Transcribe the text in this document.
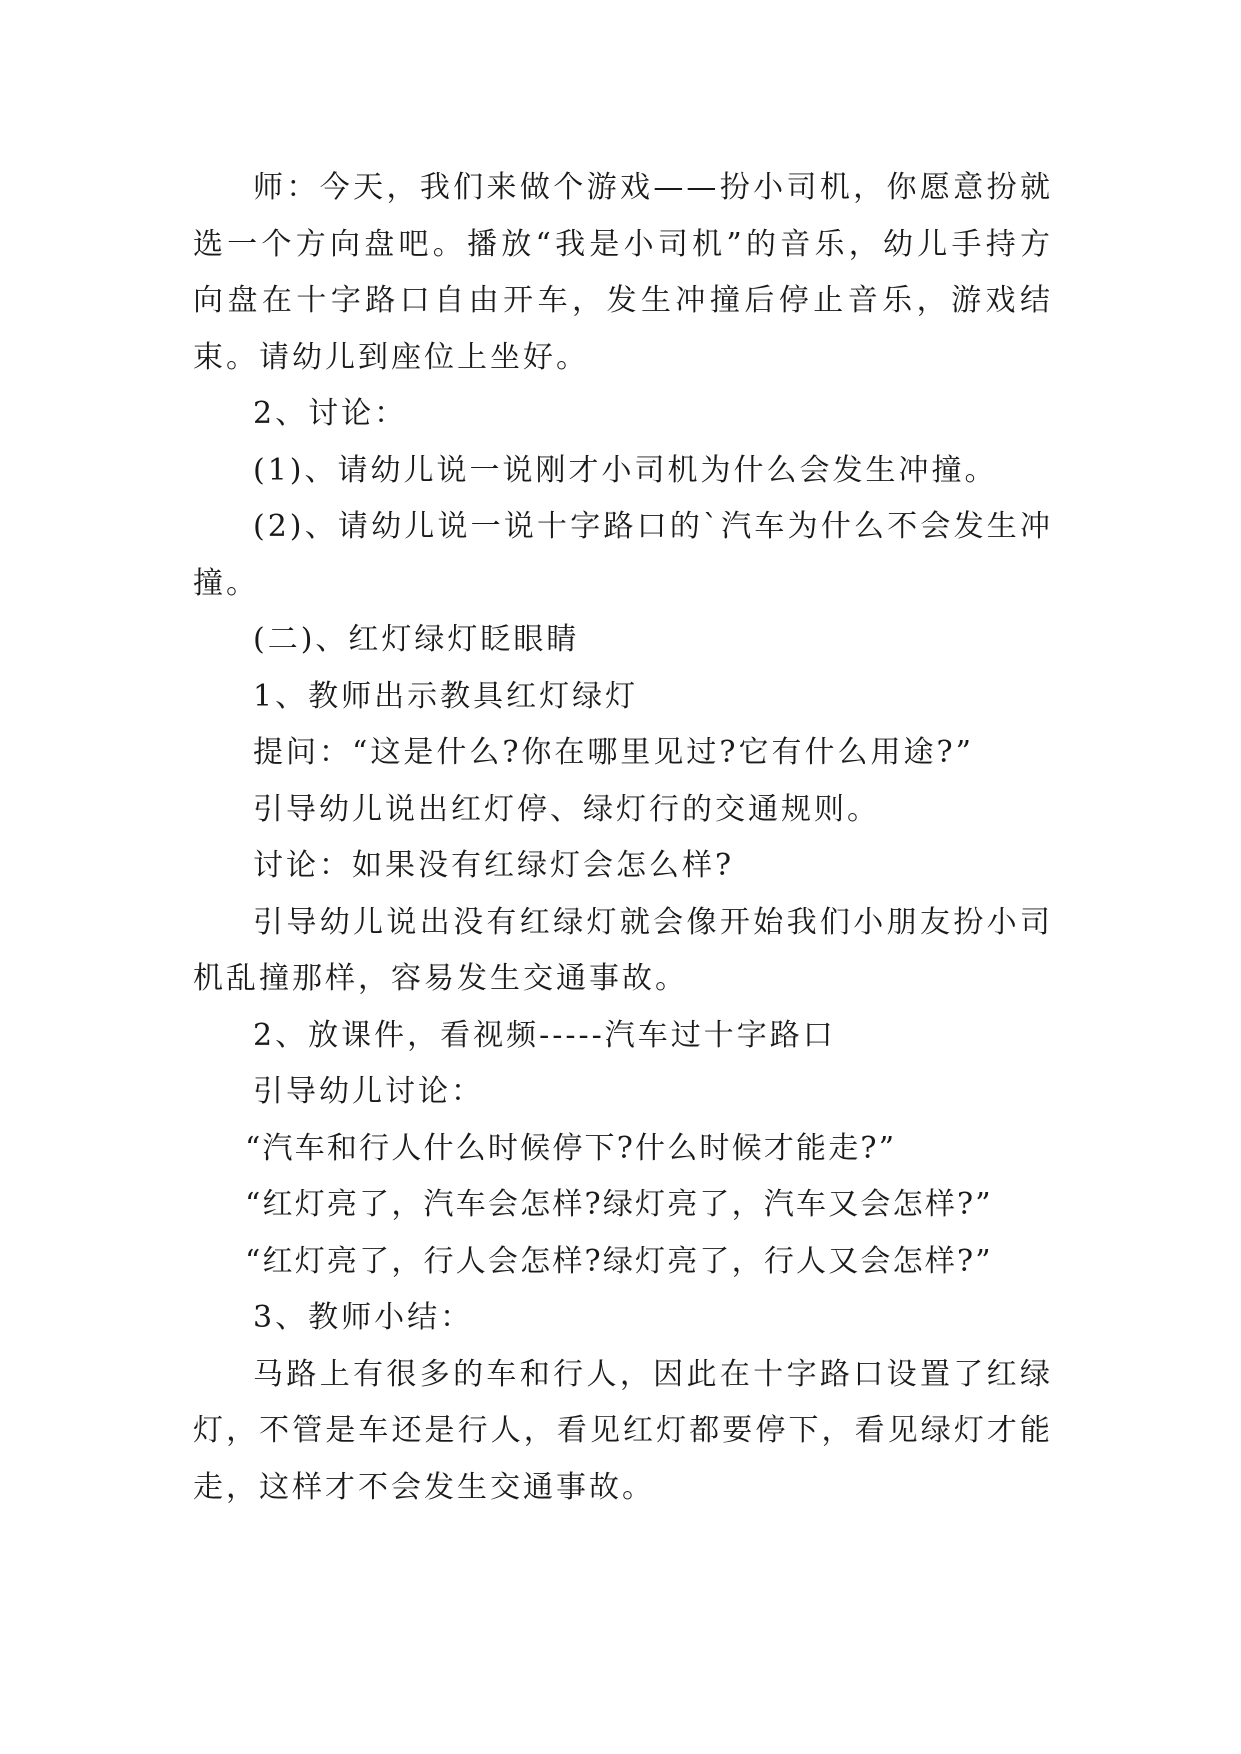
师：今天，我们来做个游戏——扮小司机，你愿意扮就选一个方向盘吧。播放“我是小司机”的音乐，幼儿手持方向盘在十字路口自由开车，发生冲撞后停止音乐，游戏结束。请幼儿到座位上坐好。

2、讨论：

(1)、请幼儿说一说刚才小司机为什么会发生冲撞。

(2)、请幼儿说一说十字路口的`汽车为什么不会发生冲撞。

(二)、红灯绿灯眨眼睛

1、教师出示教具红灯绿灯

提问：“这是什么?你在哪里见过?它有什么用途?”

引导幼儿说出红灯停、绿灯行的交通规则。

讨论：如果没有红绿灯会怎么样?

引导幼儿说出没有红绿灯就会像开始我们小朋友扮小司机乱撞那样，容易发生交通事故。

2、放课件，看视频-----汽车过十字路口

引导幼儿讨论：

“汽车和行人什么时候停下?什么时候才能走?”

“红灯亮了，汽车会怎样?绿灯亮了，汽车又会怎样?”

“红灯亮了，行人会怎样?绿灯亮了，行人又会怎样?”

3、教师小结：

马路上有很多的车和行人，因此在十字路口设置了红绿灯，不管是车还是行人，看见红灯都要停下，看见绿灯才能走，这样才不会发生交通事故。
